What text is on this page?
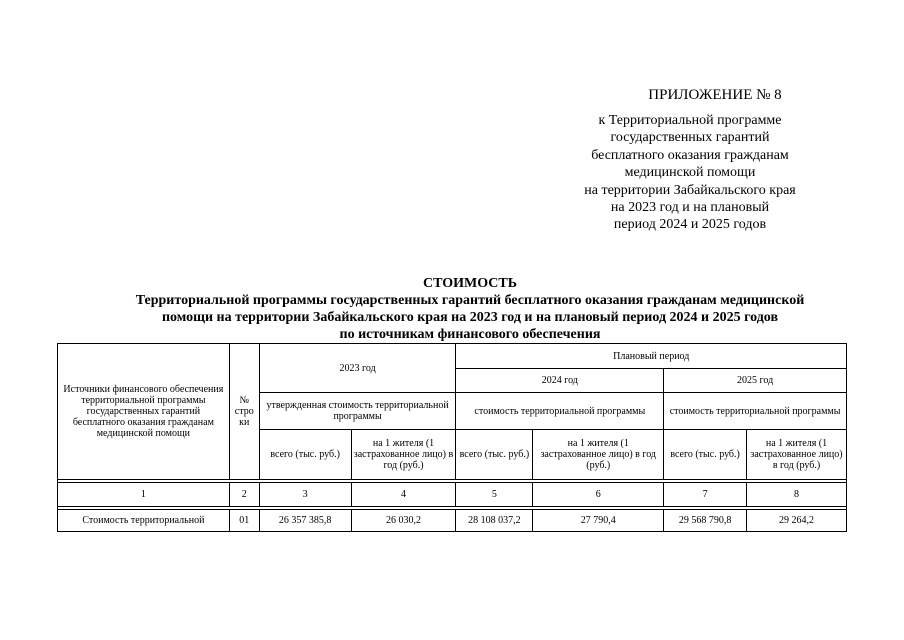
ПРИЛОЖЕНИЕ № 8
к Территориальной программе
государственных гарантий
бесплатного оказания гражданам
медицинской помощи
на территории Забайкальского края
на 2023 год и на плановый
период 2024 и 2025 годов
СТОИМОСТЬ
Территориальной программы государственных гарантий бесплатного оказания гражданам медицинской
помощи на территории Забайкальского края на 2023 год и на плановый период 2024 и 2025 годов
по источникам финансового обеспечения
Источники финансового обеспечения территориальной программы государственных гарантий бесплатного оказания гражданам медицинской помощи	№ стро ки	2023 год		Плановый период			
				2024 год		2025 год	
		утвержденная стоимость территориальной программы		стоимость территориальной программы		стоимость территориальной программы	
		всего (тыс. руб.)	на 1 жителя (1 застрахованное лицо) в год (руб.)	всего (тыс. руб.)	на 1 жителя (1 застрахованное лицо) в год (руб.)	всего (тыс. руб.)	на 1 жителя (1 застрахованное лицо) в год (руб.)

1	2	3	4	5	6	7	8

Стоимость территориальной	01	26 357 385,8	26 030,2	28 108 037,2	27 790,4	29 568 790,8	29 264,2
